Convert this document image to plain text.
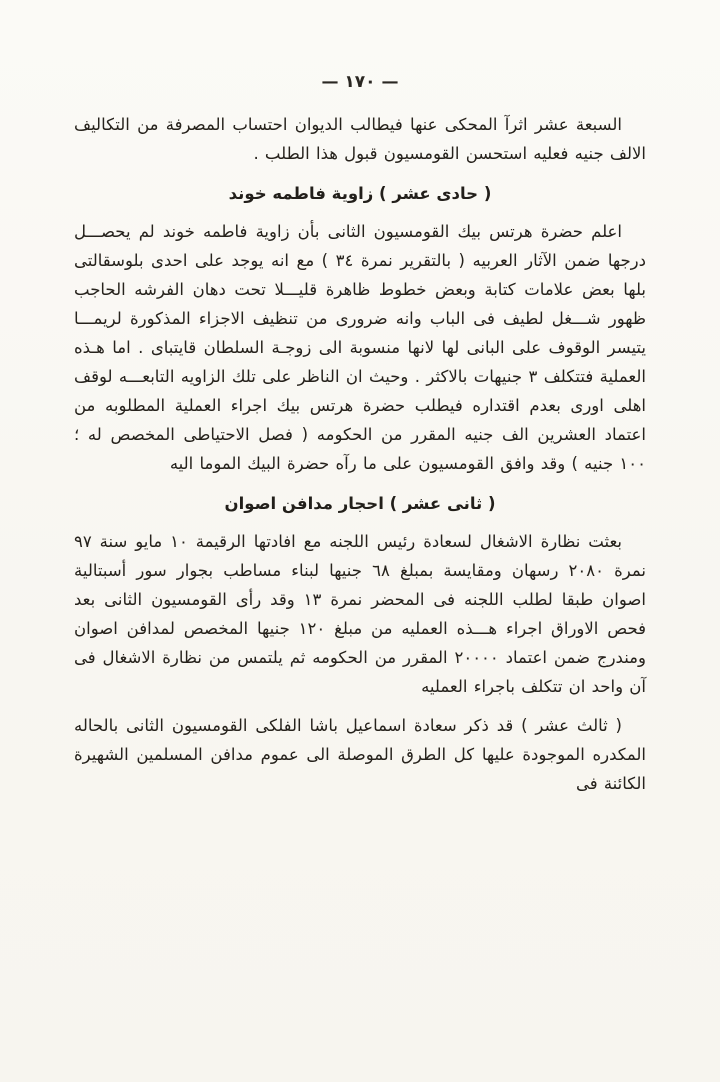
— ١٧٠ —

السبعة عشر اثرآ المحكى عنها فيطالب الديوان احتساب المصرفة من التكاليف الالف جنيه فعليه استحسن القومسيون قبول هذا الطلب .

( حادى عشر ) زاوية فاطمه خوند

اعلم حضرة هرتس بيك القومسيون الثانى بأن زاوية فاطمه خوند لم يحصـــل درجها ضمن الآثار العربيه ( بالتقرير نمرة ٣٤ ) مع انه يوجد على احدى بلوسقالتى بلها بعض علامات كتابة وبعض خطوط ظاهرة قليـــلا تحت دهان الفرشه الحاجب ظهور شـــغل لطيف فى الباب وانه ضرورى من تنظيف الاجزاء المذكورة لريمـــا يتيسر الوقوف على البانى لها لانها منسوبة الى زوجـة السلطان قايتباى . اما هـذه العملية فتتكلف ٣ جنيهات بالاكثر . وحيث ان الناظر على تلك الزاويه التابعـــه لوقف اهلى اورى بعدم اقتداره فيطلب حضرة هرتس بيك اجراء العملية المطلوبه من اعتماد العشرين الف جنيه المقرر من الحكومه ( فصل الاحتياطى المخصص له ؛ ١٠٠ جنيه ) وقد وافق القومسيون على ما رآه حضرة البيك الموما اليه

( ثانى عشر ) احجار مدافن اصوان

بعثت نظارة الاشغال لسعادة رئيس اللجنه مع افادتها الرقيمة ١٠ مايو سنة ٩٧ نمرة ٢٠٨٠ رسهان ومقايسة بمبلغ ٦٨ جنيها لبناء مساطب بجوار سور أسبتالية اصوان طبقا لطلب اللجنه فى المحضر نمرة ١٣ وقد رأى القومسيون الثانى بعد فحص الاوراق اجراء هـــذه العمليه من مبلغ ١٢٠ جنيها المخصص لمدافن اصوان ومندرج ضمن اعتماد ٢٠٠٠٠ المقرر من الحكومه ثم يلتمس من نظارة الاشغال فى آن واحد ان تتكلف باجراء العمليه

( ثالث عشر ) قد ذكر سعادة اسماعيل باشا الفلكى القومسيون الثانى بالحاله المكدره الموجودة عليها كل الطرق الموصلة الى عموم مدافن المسلمين الشهيرة الكائنة فى
